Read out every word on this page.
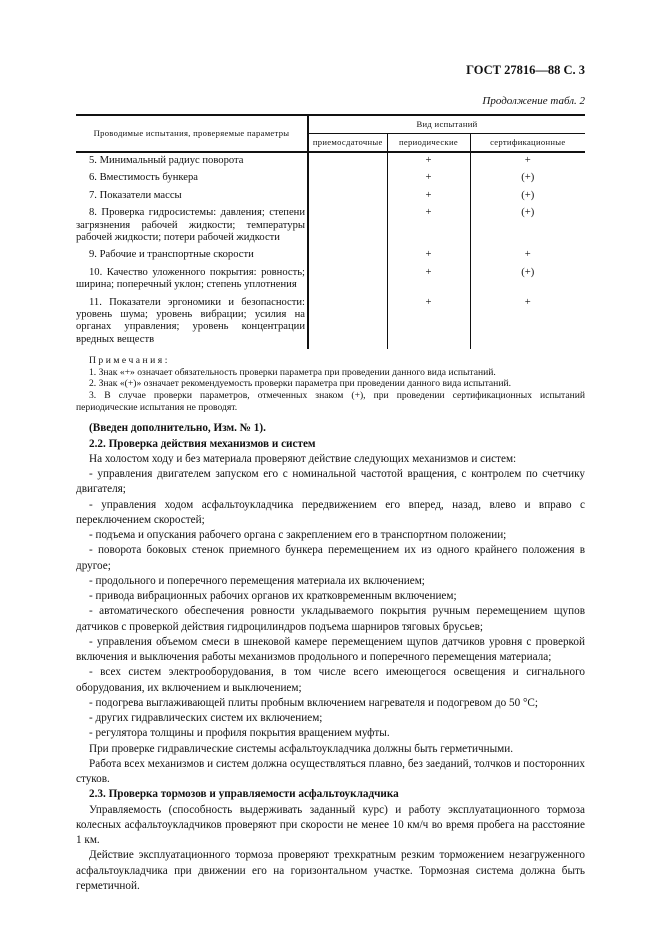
ГОСТ 27816—88 С. 3
Продолжение табл. 2
Проводимые испытания, проверяемые параметры	Вид испытаний		
	приемосдаточные	периодические	сертификационные
5. Минимальный радиус поворота		+	+
6. Вместимость бункера		+	(+)
7. Показатели массы		+	(+)
8. Проверка гидросистемы: давления; степени загрязнения рабочей жидкости; температуры рабочей жидкости; потери рабочей жидкости		+	(+)
9. Рабочие и транспортные скорости		+	+
10. Качество уложенного покрытия: ровность; ширина; поперечный уклон; степень уплотнения		+	(+)
11. Показатели эргономики и безопасности: уровень шума; уровень вибрации; усилия на органах управления; уровень концентрации вредных веществ		+	+

Примечания:

1. Знак «+» означает обязательность проверки параметра при проведении данного вида испытаний.

2. Знак «(+)» означает рекомендуемость проверки параметра при проведении данного вида испытаний.

3. В случае проверки параметров, отмеченных знаком (+), при проведении сертификационных испытаний периодические испытания не проводят.

(Введен дополнительно, Изм. № 1).

2.2. Проверка действия механизмов и систем

На холостом ходу и без материала проверяют действие следующих механизмов и систем:

- управления двигателем запуском его с номинальной частотой вращения, с контролем по счетчику двигателя;

- управления ходом асфальтоукладчика передвижением его вперед, назад, влево и вправо с переключением скоростей;

- подъема и опускания рабочего органа с закреплением его в транспортном положении;

- поворота боковых стенок приемного бункера перемещением их из одного крайнего положения в другое;

- продольного и поперечного перемещения материала их включением;

- привода вибрационных рабочих органов их кратковременным включением;

- автоматического обеспечения ровности укладываемого покрытия ручным перемещением щупов датчиков с проверкой действия гидроцилиндров подъема шарниров тяговых брусьев;

- управления объемом смеси в шнековой камере перемещением щупов датчиков уровня с проверкой включения и выключения работы механизмов продольного и поперечного перемещения материала;

- всех систем электрооборудования, в том числе всего имеющегося освещения и сигнального оборудования, их включением и выключением;

- подогрева выглаживающей плиты пробным включением нагревателя и подогревом до 50 °С;

- других гидравлических систем их включением;

- регулятора толщины и профиля покрытия вращением муфты.

При проверке гидравлические системы асфальтоукладчика должны быть герметичными.

Работа всех механизмов и систем должна осуществляться плавно, без заеданий, толчков и посторонних стуков.

2.3. Проверка тормозов и управляемости асфальтоукладчика

Управляемость (способность выдерживать заданный курс) и работу эксплуатационного тормоза колесных асфальтоукладчиков проверяют при скорости не менее 10 км/ч во время пробега на расстояние 1 км.

Действие эксплуатационного тормоза проверяют трехкратным резким торможением незагруженного асфальтоукладчика при движении его на горизонтальном участке. Тормозная система должна быть герметичной.
